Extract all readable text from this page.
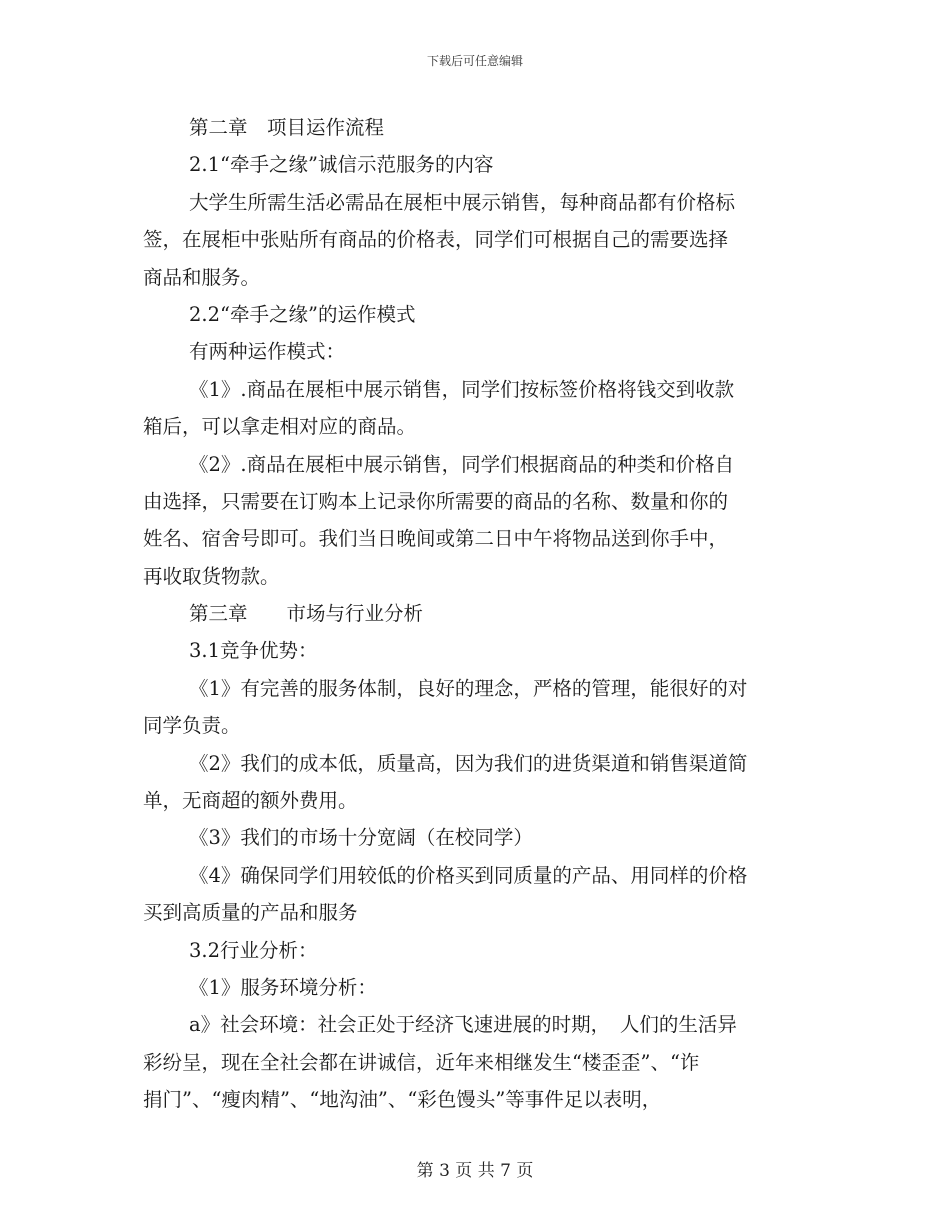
下载后可任意编辑
第二章　项目运作流程
2.1“牵手之缘”诚信示范服务的内容
大学生所需生活必需品在展柜中展示销售，每种商品都有价格标
签，在展柜中张贴所有商品的价格表，同学们可根据自己的需要选择
商品和服务。
2.2“牵手之缘”的运作模式
有两种运作模式：
《1》.商品在展柜中展示销售，同学们按标签价格将钱交到收款
箱后，可以拿走相对应的商品。
《2》.商品在展柜中展示销售，同学们根据商品的种类和价格自
由选择，只需要在订购本上记录你所需要的商品的名称、数量和你的
姓名、宿舍号即可。我们当日晚间或第二日中午将物品送到你手中，
再收取货物款。
第三章　　市场与行业分析
3.1竞争优势：
《1》有完善的服务体制，良好的理念，严格的管理，能很好的对
同学负责。
《2》我们的成本低，质量高，因为我们的进货渠道和销售渠道简
单，无商超的额外费用。
《3》我们的市场十分宽阔（在校同学）
《4》确保同学们用较低的价格买到同质量的产品、用同样的价格
买到高质量的产品和服务
3.2行业分析：
《1》服务环境分析：
a》社会环境：社会正处于经济飞速进展的时期，　人们的生活异
彩纷呈，现在全社会都在讲诚信，近年来相继发生“楼歪歪”、“诈
捐门”、“瘦肉精”、“地沟油”、“彩色馒头”等事件足以表明，
第 3 页 共 7 页
